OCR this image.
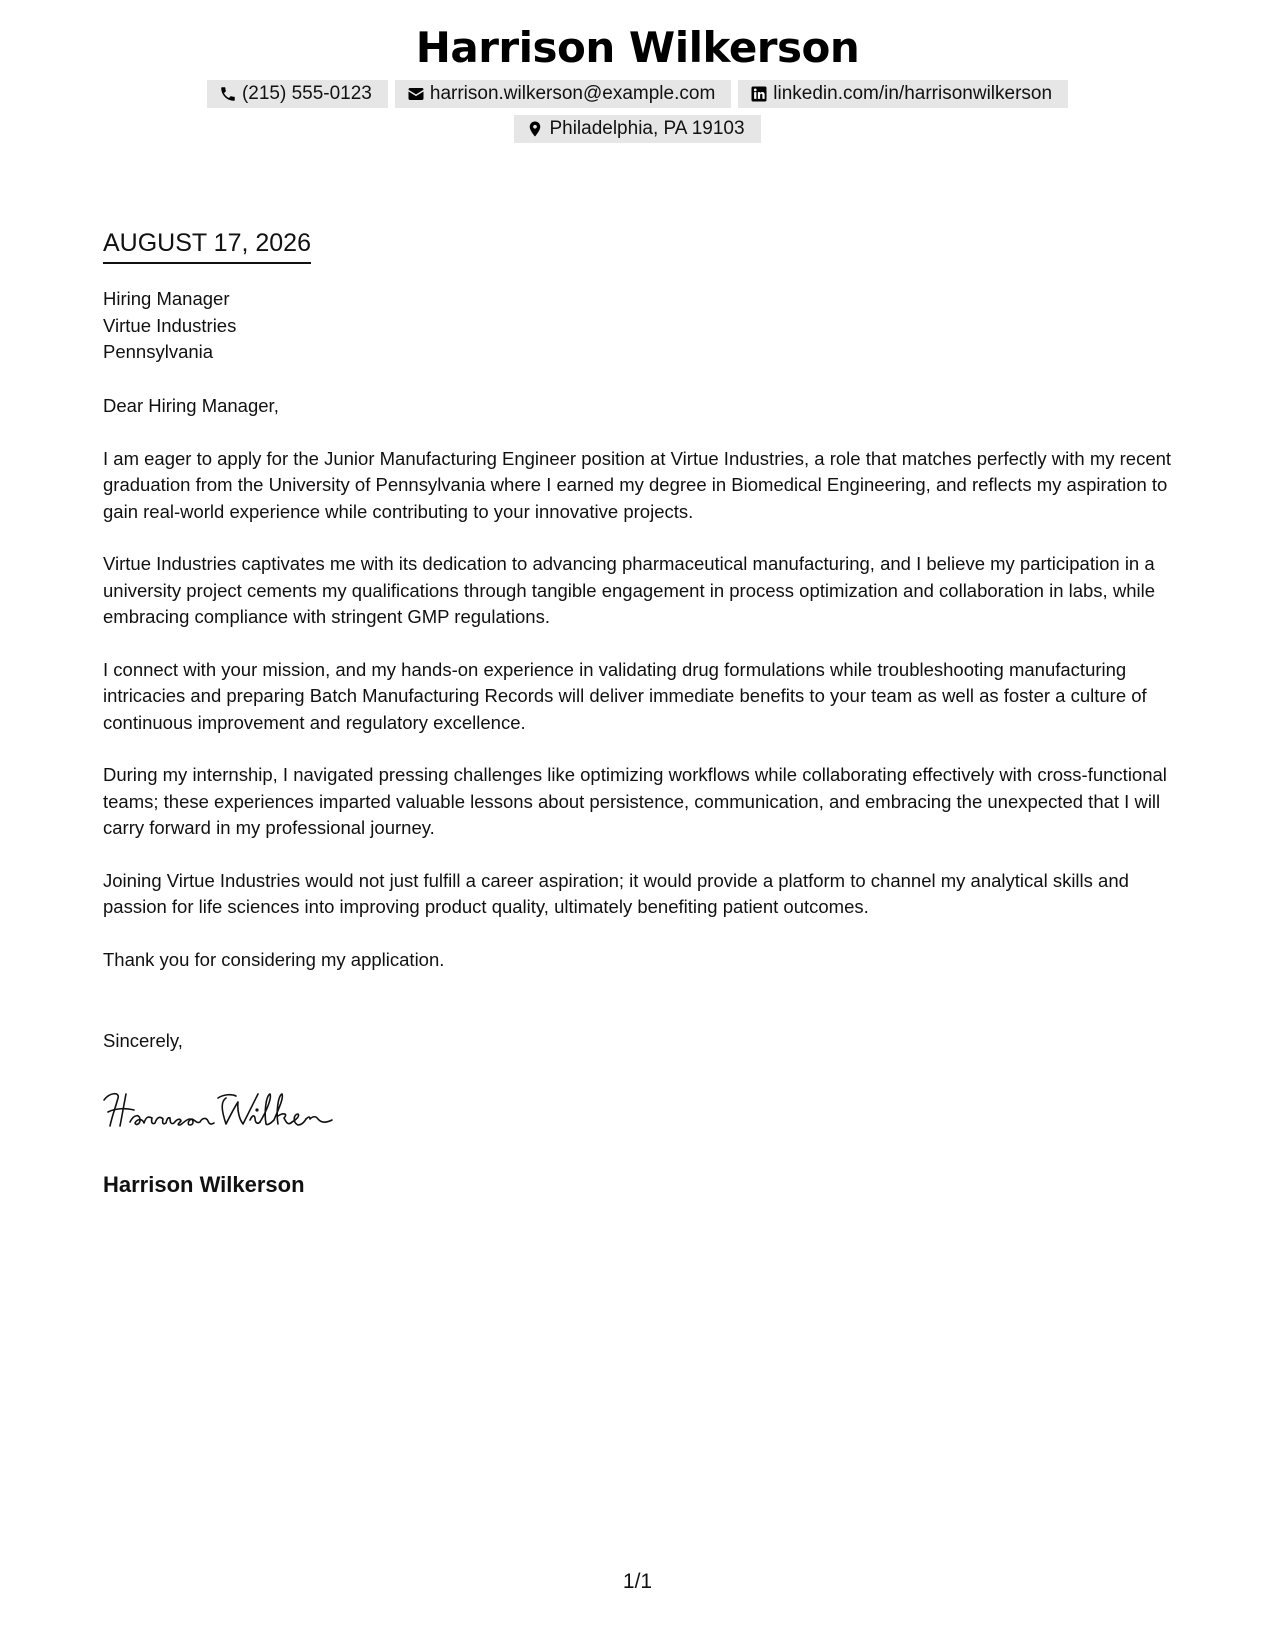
Harrison Wilkerson
(215) 555-0123	harrison.wilkerson@example.com	linkedin.com/in/harrisonwilkerson
Philadelphia, PA 19103
AUGUST 17, 2026
Hiring Manager
Virtue Industries
Pennsylvania

Dear Hiring Manager,

I am eager to apply for the Junior Manufacturing Engineer position at Virtue Industries, a role that matches perfectly with my recent graduation from the University of Pennsylvania where I earned my degree in Biomedical Engineering, and reflects my aspiration to gain real-world experience while contributing to your innovative projects.

Virtue Industries captivates me with its dedication to advancing pharmaceutical manufacturing, and I believe my participation in a university project cements my qualifications through tangible engagement in process optimization and collaboration in labs, while embracing compliance with stringent GMP regulations.

I connect with your mission, and my hands-on experience in validating drug formulations while troubleshooting manufacturing intricacies and preparing Batch Manufacturing Records will deliver immediate benefits to your team as well as foster a culture of continuous improvement and regulatory excellence.

During my internship, I navigated pressing challenges like optimizing workflows while collaborating effectively with cross-functional teams; these experiences imparted valuable lessons about persistence, communication, and embracing the unexpected that I will carry forward in my professional journey.

Joining Virtue Industries would not just fulfill a career aspiration; it would provide a platform to channel my analytical skills and passion for life sciences into improving product quality, ultimately benefiting patient outcomes.

Thank you for considering my application.

Sincerely,
Harrison Wilkerson
1/1
